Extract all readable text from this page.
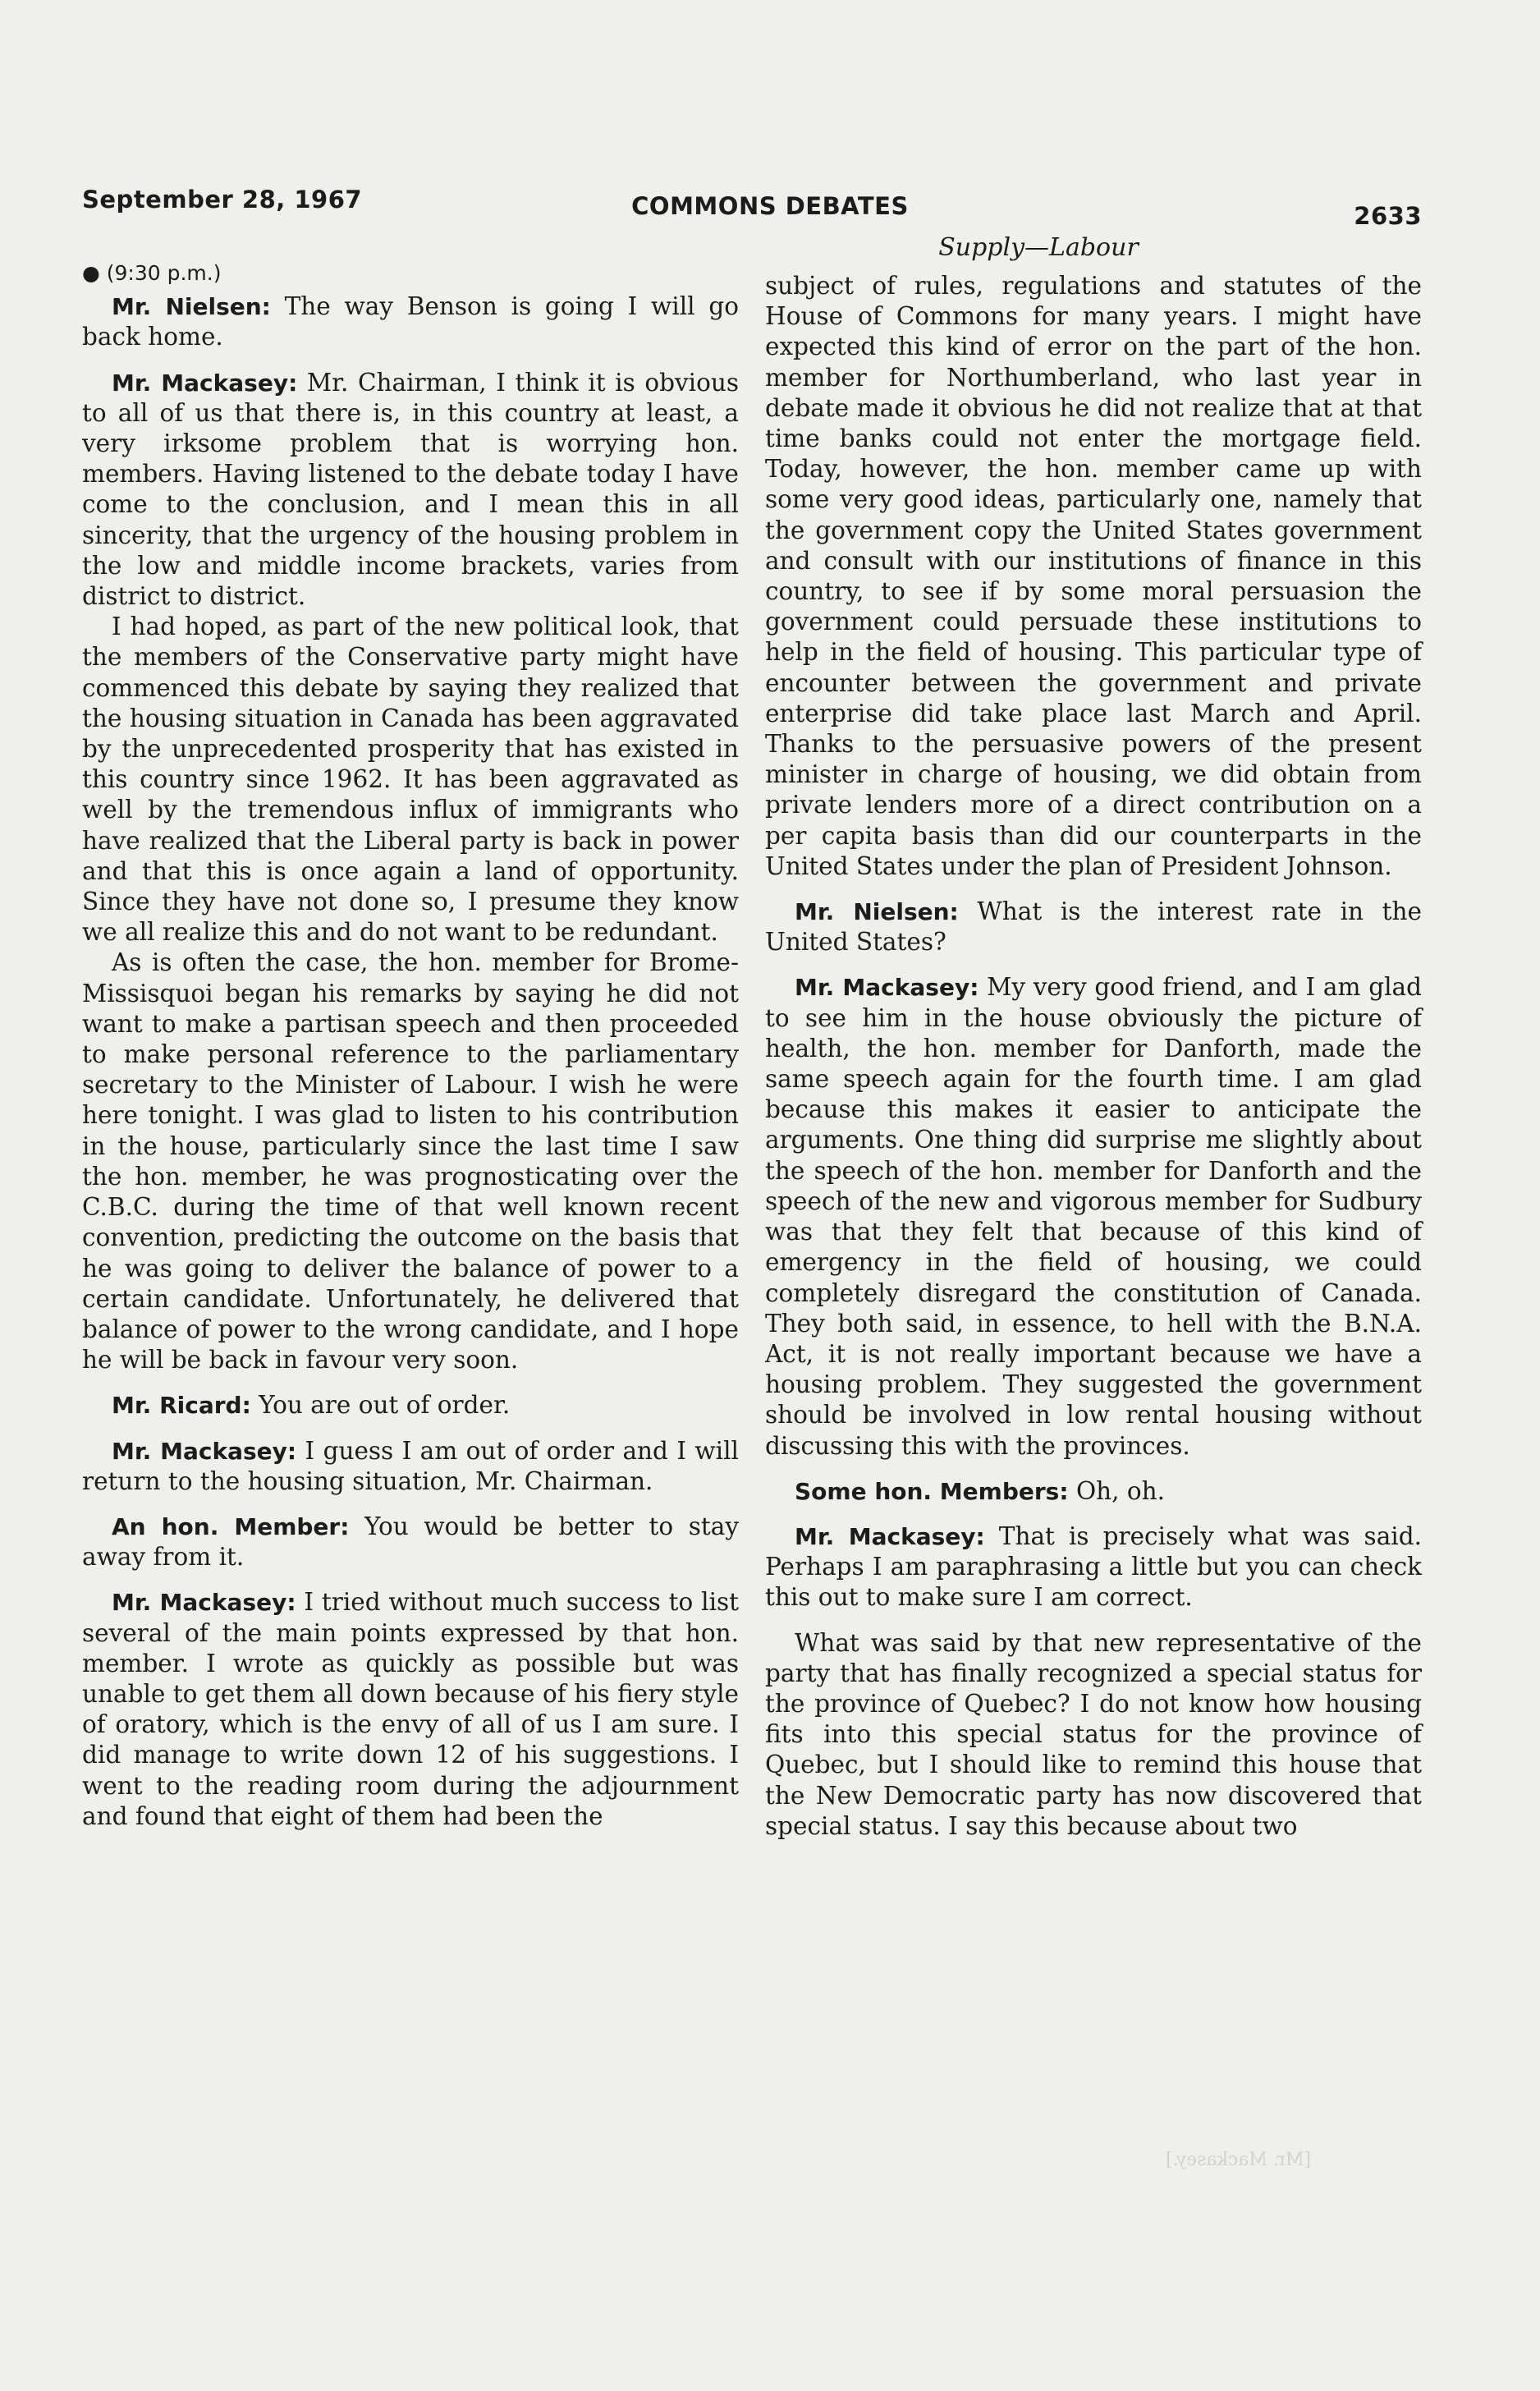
September 28, 1967	COMMONS DEBATES	2633
Supply—Labour

● (9:30 p.m.)

Mr. Nielsen: The way Benson is going I will go back home.

Mr. Mackasey: Mr. Chairman, I think it is obvious to all of us that there is, in this country at least, a very irksome problem that is worrying hon. members. Having listened to the debate today I have come to the conclusion, and I mean this in all sincerity, that the urgency of the housing problem in the low and middle income brackets, varies from district to district.

I had hoped, as part of the new political look, that the members of the Conservative party might have commenced this debate by saying they realized that the housing situation in Canada has been aggravated by the unprecedented prosperity that has existed in this country since 1962. It has been aggravated as well by the tremendous influx of immigrants who have realized that the Liberal party is back in power and that this is once again a land of opportunity. Since they have not done so, I presume they know we all realize this and do not want to be redundant.

As is often the case, the hon. member for Brome-Missisquoi began his remarks by saying he did not want to make a partisan speech and then proceeded to make personal reference to the parliamentary secretary to the Minister of Labour. I wish he were here tonight. I was glad to listen to his contribution in the house, particularly since the last time I saw the hon. member, he was prognosticating over the C.B.C. during the time of that well known recent convention, predicting the outcome on the basis that he was going to deliver the balance of power to a certain candidate. Unfortunately, he delivered that balance of power to the wrong candidate, and I hope he will be back in favour very soon.

Mr. Ricard: You are out of order.

Mr. Mackasey: I guess I am out of order and I will return to the housing situation, Mr. Chairman.

An hon. Member: You would be better to stay away from it.

Mr. Mackasey: I tried without much success to list several of the main points expressed by that hon. member. I wrote as quickly as possible but was unable to get them all down because of his fiery style of oratory, which is the envy of all of us I am sure. I did manage to write down 12 of his suggestions. I went to the reading room during the adjournment and found that eight of them had been the

subject of rules, regulations and statutes of the House of Commons for many years. I might have expected this kind of error on the part of the hon. member for Northumberland, who last year in debate made it obvious he did not realize that at that time banks could not enter the mortgage field. Today, however, the hon. member came up with some very good ideas, particularly one, namely that the government copy the United States government and consult with our institutions of finance in this country, to see if by some moral persuasion the government could persuade these institutions to help in the field of housing. This particular type of encounter between the government and private enterprise did take place last March and April. Thanks to the persuasive powers of the present minister in charge of housing, we did obtain from private lenders more of a direct contribution on a per capita basis than did our counterparts in the United States under the plan of President Johnson.

Mr. Nielsen: What is the interest rate in the United States?

Mr. Mackasey: My very good friend, and I am glad to see him in the house obviously the picture of health, the hon. member for Danforth, made the same speech again for the fourth time. I am glad because this makes it easier to anticipate the arguments. One thing did surprise me slightly about the speech of the hon. member for Danforth and the speech of the new and vigorous member for Sudbury was that they felt that because of this kind of emergency in the field of housing, we could completely disregard the constitution of Canada. They both said, in essence, to hell with the B.N.A. Act, it is not really important because we have a housing problem. They suggested the government should be involved in low rental housing without discussing this with the provinces.

Some hon. Members: Oh, oh.

Mr. Mackasey: That is precisely what was said. Perhaps I am paraphrasing a little but you can check this out to make sure I am correct.

What was said by that new representative of the party that has finally recognized a special status for the province of Quebec? I do not know how housing fits into this special status for the province of Quebec, but I should like to remind this house that the New Democratic party has now discovered that special status. I say this because about two

[Mr. Mackasey.]
